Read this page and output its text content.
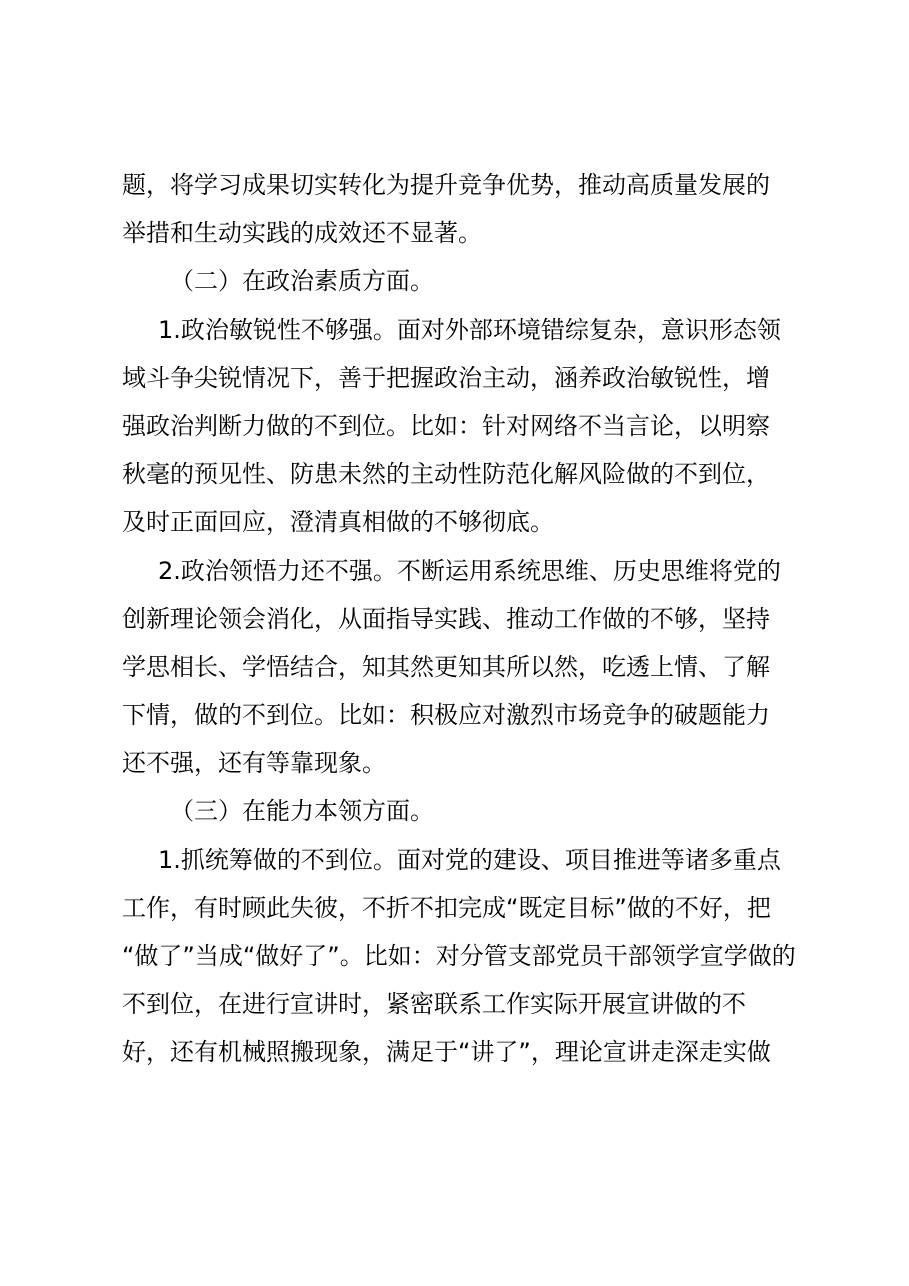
题，将学习成果切实转化为提升竞争优势，推动高质量发展的
举措和生动实践的成效还不显著。
（二）在政治素质方面。
1.政治敏锐性不够强。面对外部环境错综复杂，意识形态领
域斗争尖锐情况下，善于把握政治主动，涵养政治敏锐性，增
强政治判断力做的不到位。比如：针对网络不当言论，以明察
秋毫的预见性、防患未然的主动性防范化解风险做的不到位，
及时正面回应，澄清真相做的不够彻底。
2.政治领悟力还不强。不断运用系统思维、历史思维将党的
创新理论领会消化，从面指导实践、推动工作做的不够，坚持
学思相长、学悟结合，知其然更知其所以然，吃透上情、了解
下情，做的不到位。比如：积极应对激烈市场竞争的破题能力
还不强，还有等靠现象。
（三）在能力本领方面。
1.抓统筹做的不到位。面对党的建设、项目推进等诸多重点
工作，有时顾此失彼，不折不扣完成“既定目标”做的不好，把
“做了”当成“做好了”。比如：对分管支部党员干部领学宣学做的
不到位，在进行宣讲时，紧密联系工作实际开展宣讲做的不
好，还有机械照搬现象，满足于“讲了”，理论宣讲走深走实做
